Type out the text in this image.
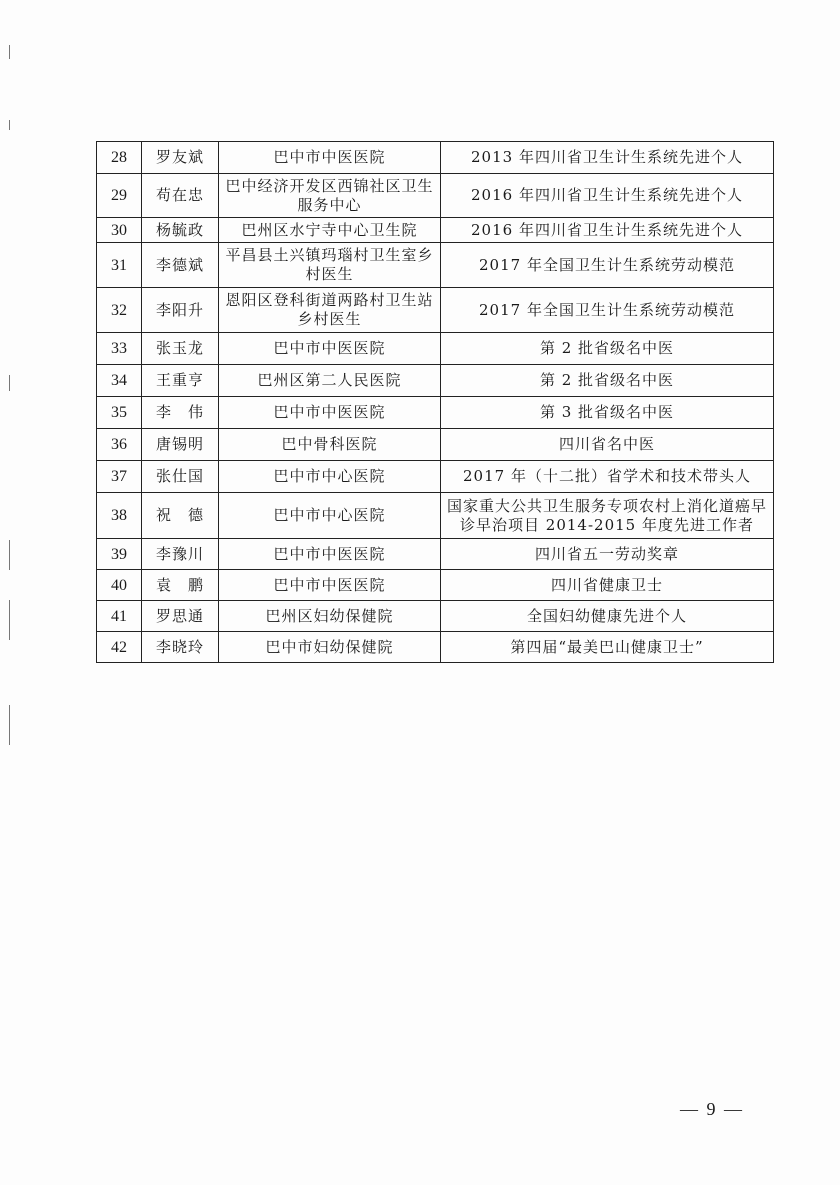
28	罗友斌	巴中市中医医院	2013 年四川省卫生计生系统先进个人
29	苟在忠	巴中经济开发区西锦社区卫生服务中心	2016 年四川省卫生计生系统先进个人
30	杨毓政	巴州区水宁寺中心卫生院	2016 年四川省卫生计生系统先进个人
31	李德斌	平昌县土兴镇玛瑙村卫生室乡村医生	2017 年全国卫生计生系统劳动模范
32	李阳升	恩阳区登科街道两路村卫生站乡村医生	2017 年全国卫生计生系统劳动模范
33	张玉龙	巴中市中医医院	第 2 批省级名中医
34	王重亨	巴州区第二人民医院	第 2 批省级名中医
35	李　伟	巴中市中医医院	第 3 批省级名中医
36	唐锡明	巴中骨科医院	四川省名中医
37	张仕国	巴中市中心医院	2017 年（十二批）省学术和技术带头人
38	祝　德	巴中市中心医院	国家重大公共卫生服务专项农村上消化道癌早诊早治项目 2014-2015 年度先进工作者
39	李豫川	巴中市中医医院	四川省五一劳动奖章
40	袁　鹏	巴中市中医医院	四川省健康卫士
41	罗思通	巴州区妇幼保健院	全国妇幼健康先进个人
42	李晓玲	巴中市妇幼保健院	第四届“最美巴山健康卫士”
— 9 —
